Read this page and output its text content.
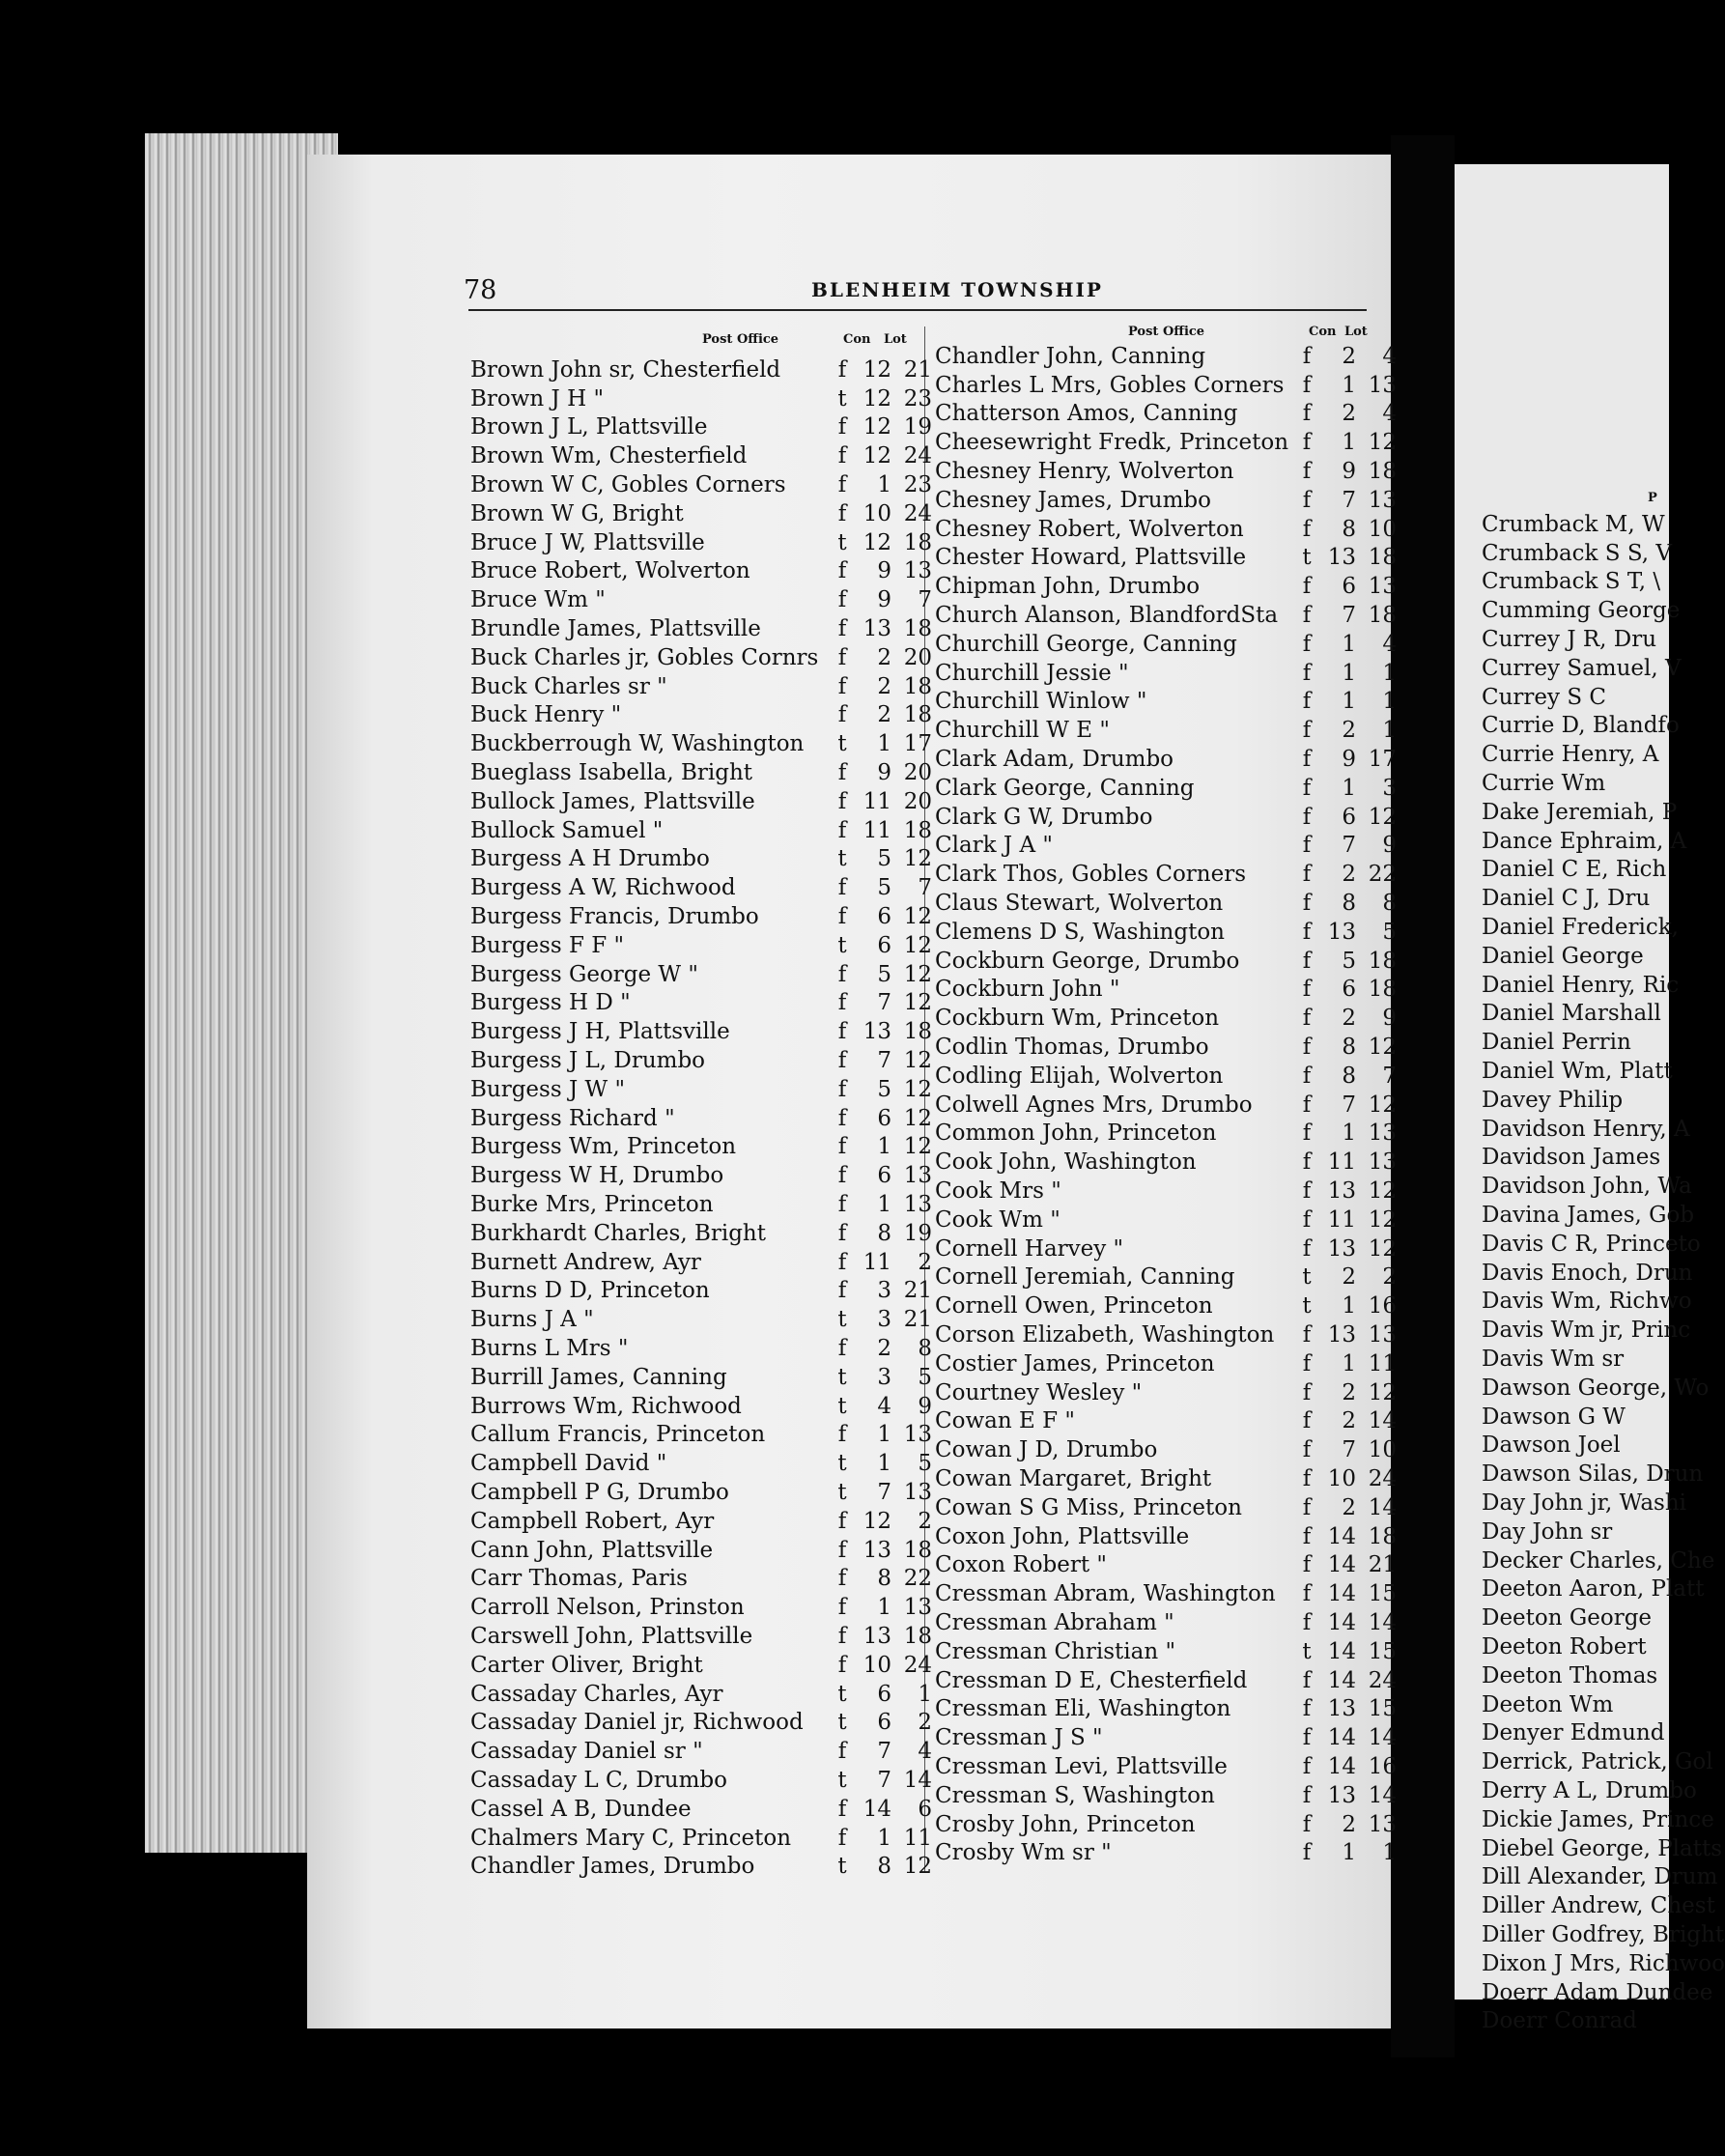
P
Crumback M, W
Crumback S S, V
Crumback S T, \
Cumming George
Currey J R, Dru
Currey Samuel, V
Currey S C
Currie D, Blandfo
Currie Henry, A
Currie Wm
Dake Jeremiah, P
Dance Ephraim, A
Daniel C E, Rich
Daniel C J, Dru
Daniel Frederick,
Daniel George
Daniel Henry, Ric
Daniel Marshall
Daniel Perrin
Daniel Wm, Platt
Davey Philip
Davidson Henry, A
Davidson James
Davidson John, Wa
Davina James, Gob
Davis C R, Princeto
Davis Enoch, Drun
Davis Wm, Richwo
Davis Wm jr, Princ
Davis Wm sr
Dawson George, Wo
Dawson G W
Dawson Joel
Dawson Silas, Drun
Day John jr, Washi
Day John sr
Decker Charles, Che
Deeton Aaron, Platt
Deeton George
Deeton Robert
Deeton Thomas
Deeton Wm
Denyer Edmund
Derrick, Patrick, Gol
Derry A L, Drumbo
Dickie James, Prince
Diebel George, Platts
Dill Alexander, Drum
Diller Andrew, Chest
Diller Godfrey, Bright
Dixon J Mrs, Richwoo
Doerr Adam Dundee
Doerr Conrad
78	BLENHEIM TOWNSHIP
Post Office	Con Lot
Post Office	Con Lot
Brown John sr, Chesterfield	f 12 21
Brown J H "	t 12 23
Brown J L, Plattsville	f 12 19
Brown Wm, Chesterfield	f 12 24
Brown W C, Gobles Corners	f	1 23
Brown W G, Bright	f 10 24
Bruce J W, Plattsville	t 12 18
Bruce Robert, Wolverton	f	9 13
Bruce Wm "	f	9	7
Brundle James, Plattsville	f 13 18
Buck Charles jr, Gobles Cornrs f	2 20
Buck Charles sr "	f	2 18
Buck Henry "	f	2 18
Buckberrough W, Washington	t	1 17
Bueglass Isabella, Bright	f	9 20
Bullock James, Plattsville	f 11 20
Bullock Samuel "	f 11 18
Burgess A H Drumbo	t	5 12
Burgess A W, Richwood	f	5	7
Burgess Francis, Drumbo	f	6 12
Burgess F F "	t	6 12
Burgess George W "	f	5 12
Burgess H D "	f	7 12
Burgess J H, Plattsville	f 13 18
Burgess J L, Drumbo	f	7 12
Burgess J W "	f	5 12
Burgess Richard "	f	6 12
Burgess Wm, Princeton	f	1 12
Burgess W H, Drumbo	f	6 13
Burke Mrs, Princeton	f	1 13
Burkhardt Charles, Bright	f	8 19
Burnett Andrew, Ayr	f 11	2
Burns D D, Princeton	f	3 21
Burns J A "	t	3 21
Burns L Mrs "	f	2	8
Burrill James, Canning	t	3	5
Burrows Wm, Richwood	t	4	9
Callum Francis, Princeton	f	1 13
Campbell David "	t	1	5
Campbell P G, Drumbo	t	7 13
Campbell Robert, Ayr	f 12	2
Cann John, Plattsville	f 13 18
Carr Thomas, Paris	f	8 22
Carroll Nelson, Prinston	f	1 13
Carswell John, Plattsville	f 13 18
Carter Oliver, Bright	f 10 24
Cassaday Charles, Ayr	t	6	1
Cassaday Daniel jr, Richwood	t	6	2
Cassaday Daniel sr "	f	7	4
Cassaday L C, Drumbo	t	7 14
Cassel A B, Dundee	f 14	6
Chalmers Mary C, Princeton	f	1 11
Chandler James, Drumbo	t	8 12
Chandler John, Canning	f	2	4
Charles L Mrs, Gobles Corners f	1 13
Chatterson Amos, Canning	f	2	4
Cheesewright Fredk, Princeton f	1 12
Chesney Henry, Wolverton	f	9 18
Chesney James, Drumbo	f	7 13
Chesney Robert, Wolverton	f	8 10
Chester Howard, Plattsville	t 13 18
Chipman John, Drumbo	f	6 13
Church Alanson, BlandfordSta	f	7 18
Churchill George, Canning	f	1	4
Churchill Jessie "	f	1	1
Churchill Winlow "	f	1	1
Churchill W E "	f	2	1
Clark Adam, Drumbo	f	9 17
Clark George, Canning	f	1	3
Clark G W, Drumbo	f	6 12
Clark J A "	f	7	9
Clark Thos, Gobles Corners	f	2 22
Claus Stewart, Wolverton	f	8	8
Clemens D S, Washington	f 13	5
Cockburn George, Drumbo	f	5 18
Cockburn John "	f	6 18
Cockburn Wm, Princeton	f	2	9
Codlin Thomas, Drumbo	f	8 12
Codling Elijah, Wolverton	f	8	7
Colwell Agnes Mrs, Drumbo	f	7 12
Common John, Princeton	f	1 13
Cook John, Washington	f 11 13
Cook Mrs "	f 13 12
Cook Wm "	f 11 12
Cornell Harvey "	f 13 12
Cornell Jeremiah, Canning	t	2	2
Cornell Owen, Princeton	t	1 16
Corson Elizabeth, Washington	f 13 13
Costier James, Princeton	f	1 11
Courtney Wesley "	f	2 12
Cowan E F "	f	2 14
Cowan J D, Drumbo	f	7 10
Cowan Margaret, Bright	f 10 24
Cowan S G Miss, Princeton	f	2 14
Coxon John, Plattsville	f 14 18
Coxon Robert "	f 14 21
Cressman Abram, Washington	f 14 15
Cressman Abraham "	f 14 14
Cressman Christian "	t 14 15
Cressman D E, Chesterfield	f 14 24
Cressman Eli, Washington	f 13 15
Cressman J S "	f 14 14
Cressman Levi, Plattsville	f 14 16
Cressman S, Washington	f 13 14
Crosby John, Princeton	f	2 13
Crosby Wm sr "	f	1	1
